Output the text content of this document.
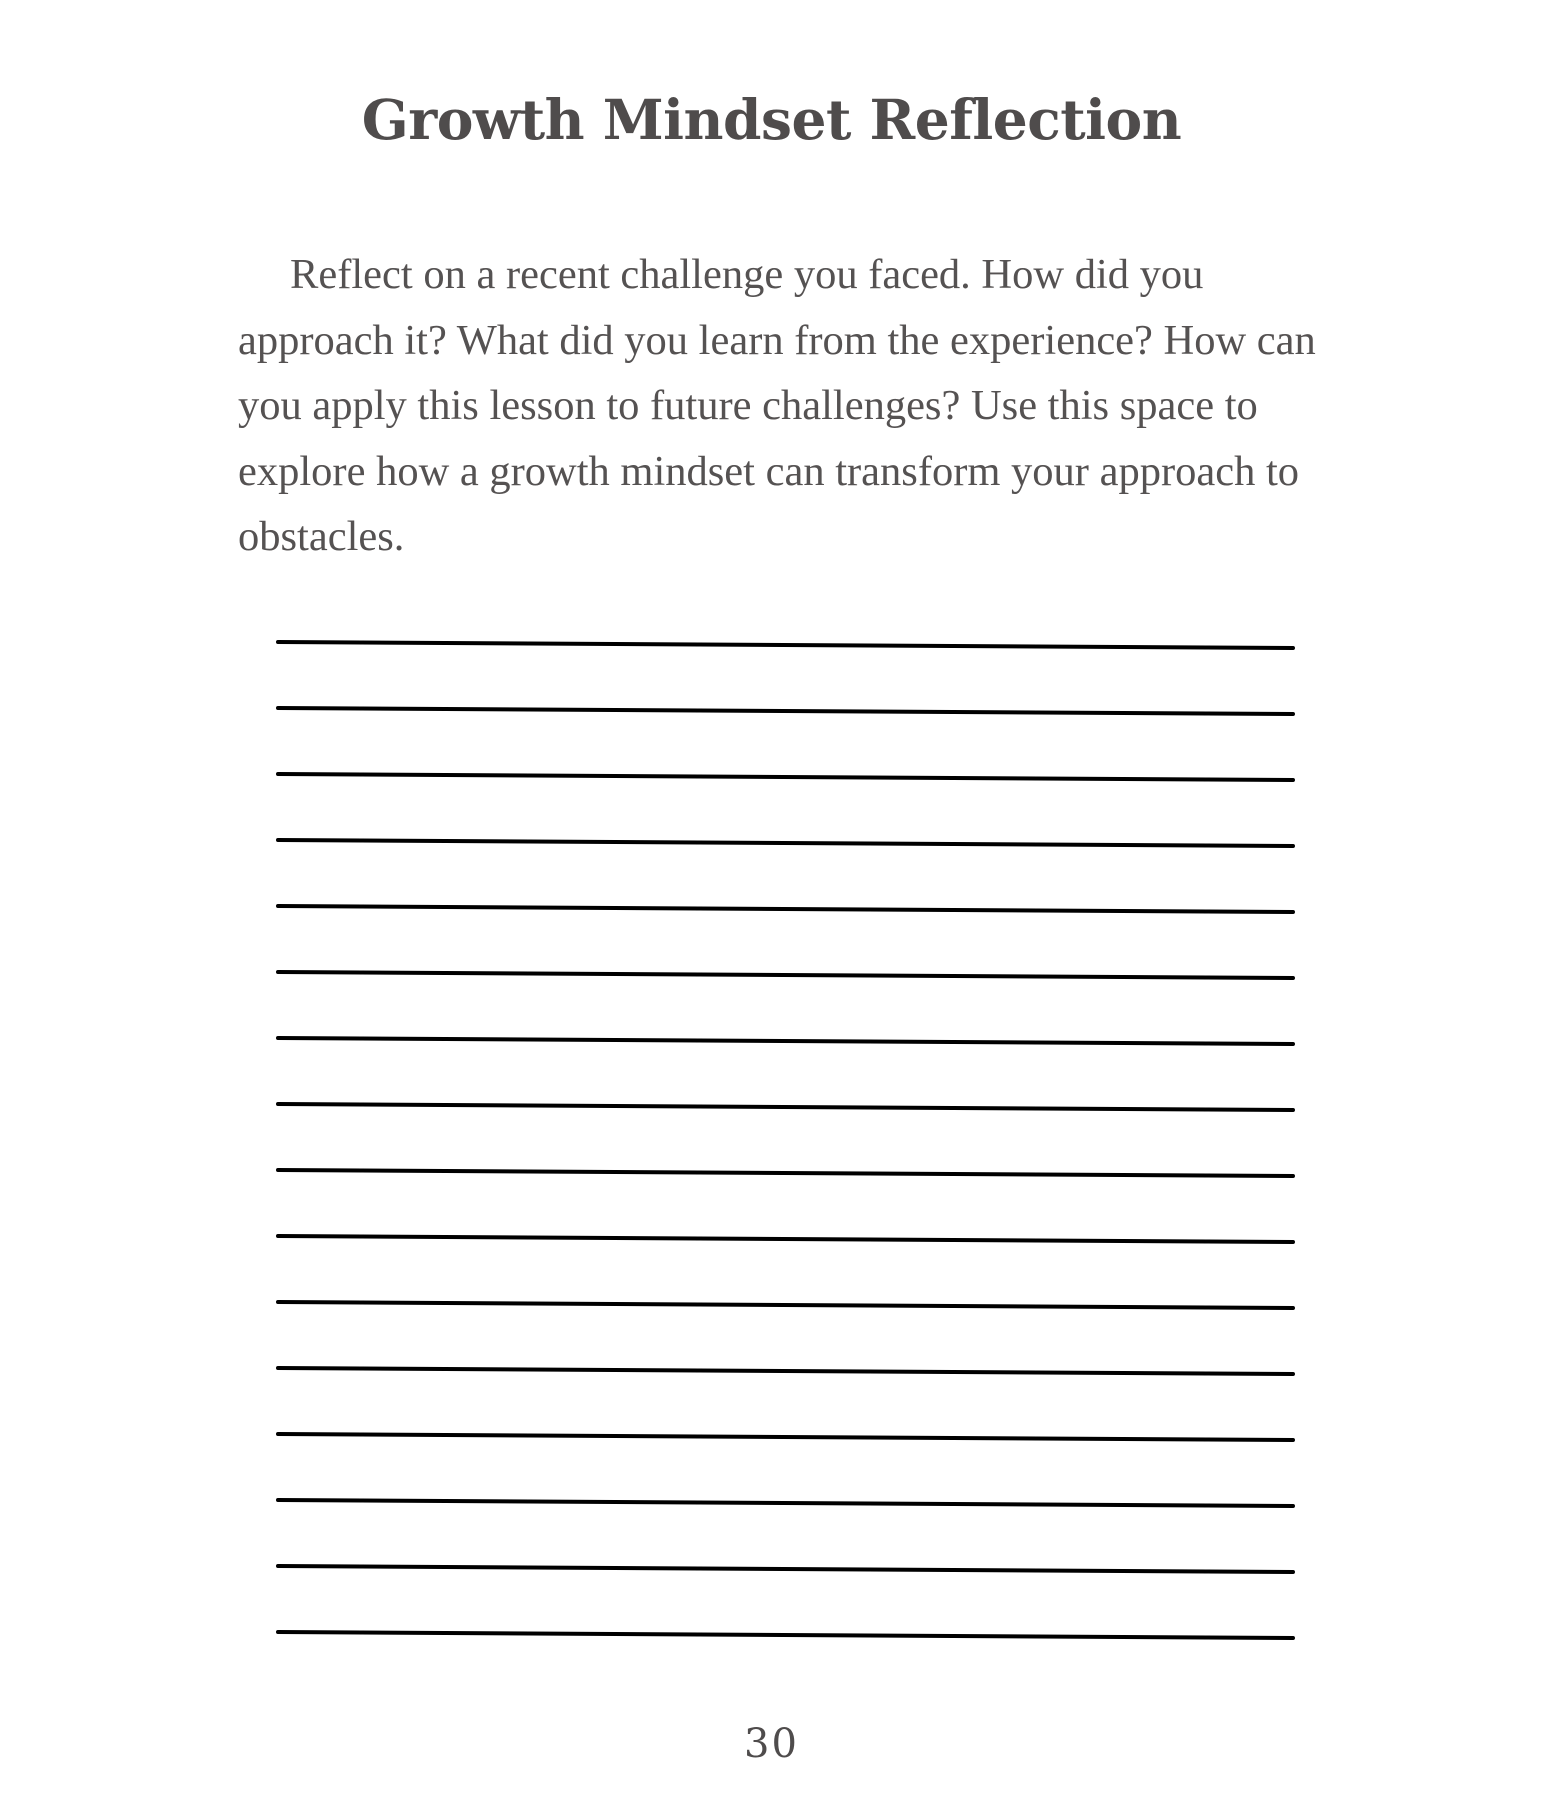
Growth Mindset Reflection

Reflect on a recent challenge you faced. How did you approach it? What did you learn from the experience? How can you apply this lesson to future challenges? Use this space to explore how a growth mindset can transform your approach to obstacles.

30
